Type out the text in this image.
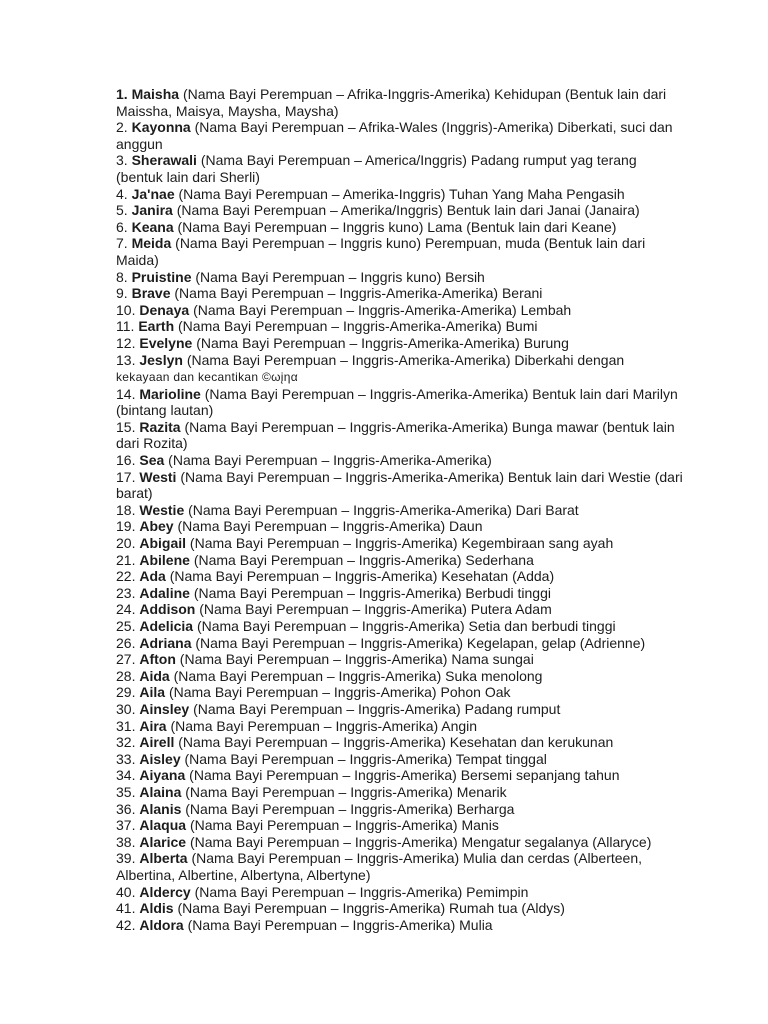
1. Maisha (Nama Bayi Perempuan – Afrika-Inggris-Amerika) Kehidupan (Bentuk lain dari Maissha, Maisya, Maysha, Maysha)

2. Kayonna (Nama Bayi Perempuan – Afrika-Wales (Inggris)-Amerika) Diberkati, suci dan anggun

3. Sherawali (Nama Bayi Perempuan – America/Inggris) Padang rumput yag terang (bentuk lain dari Sherli)

4. Ja'nae (Nama Bayi Perempuan – Amerika-Inggris) Tuhan Yang Maha Pengasih

5. Janira (Nama Bayi Perempuan – Amerika/Inggris) Bentuk lain dari Janai (Janaira)

6. Keana (Nama Bayi Perempuan – Inggris kuno) Lama (Bentuk lain dari Keane)

7. Meida (Nama Bayi Perempuan – Inggris kuno) Perempuan, muda (Bentuk lain dari Maida)

8. Pruistine (Nama Bayi Perempuan – Inggris kuno) Bersih

9. Brave (Nama Bayi Perempuan – Inggris-Amerika-Amerika) Berani

10. Denaya (Nama Bayi Perempuan – Inggris-Amerika-Amerika) Lembah

11. Earth (Nama Bayi Perempuan – Inggris-Amerika-Amerika) Bumi

12. Evelyne (Nama Bayi Perempuan – Inggris-Amerika-Amerika) Burung

13. Jeslyn (Nama Bayi Perempuan – Inggris-Amerika-Amerika) Diberkahi dengan
kekayaan dan kecantikan ©ωįηα

14. Marioline (Nama Bayi Perempuan – Inggris-Amerika-Amerika) Bentuk lain dari Marilyn (bintang lautan)

15. Razita (Nama Bayi Perempuan – Inggris-Amerika-Amerika) Bunga mawar (bentuk lain dari Rozita)

16. Sea (Nama Bayi Perempuan – Inggris-Amerika-Amerika)

17. Westi (Nama Bayi Perempuan – Inggris-Amerika-Amerika) Bentuk lain dari Westie (dari barat)

18. Westie (Nama Bayi Perempuan – Inggris-Amerika-Amerika) Dari Barat

19. Abey (Nama Bayi Perempuan – Inggris-Amerika) Daun

20. Abigail (Nama Bayi Perempuan – Inggris-Amerika) Kegembiraan sang ayah

21. Abilene (Nama Bayi Perempuan – Inggris-Amerika) Sederhana

22. Ada (Nama Bayi Perempuan – Inggris-Amerika) Kesehatan (Adda)

23. Adaline (Nama Bayi Perempuan – Inggris-Amerika) Berbudi tinggi

24. Addison (Nama Bayi Perempuan – Inggris-Amerika) Putera Adam

25. Adelicia (Nama Bayi Perempuan – Inggris-Amerika) Setia dan berbudi tinggi

26. Adriana (Nama Bayi Perempuan – Inggris-Amerika) Kegelapan, gelap (Adrienne)

27. Afton (Nama Bayi Perempuan – Inggris-Amerika) Nama sungai

28. Aida (Nama Bayi Perempuan – Inggris-Amerika) Suka menolong

29. Aila (Nama Bayi Perempuan – Inggris-Amerika) Pohon Oak

30. Ainsley (Nama Bayi Perempuan – Inggris-Amerika) Padang rumput

31. Aira (Nama Bayi Perempuan – Inggris-Amerika) Angin

32. Airell (Nama Bayi Perempuan – Inggris-Amerika) Kesehatan dan kerukunan

33. Aisley (Nama Bayi Perempuan – Inggris-Amerika) Tempat tinggal

34. Aiyana (Nama Bayi Perempuan – Inggris-Amerika) Bersemi sepanjang tahun

35. Alaina (Nama Bayi Perempuan – Inggris-Amerika) Menarik

36. Alanis (Nama Bayi Perempuan – Inggris-Amerika) Berharga

37. Alaqua (Nama Bayi Perempuan – Inggris-Amerika) Manis

38. Alarice (Nama Bayi Perempuan – Inggris-Amerika) Mengatur segalanya (Allaryce)

39. Alberta (Nama Bayi Perempuan – Inggris-Amerika) Mulia dan cerdas (Alberteen, Albertina, Albertine, Albertyna, Albertyne)

40. Aldercy (Nama Bayi Perempuan – Inggris-Amerika) Pemimpin

41. Aldis (Nama Bayi Perempuan – Inggris-Amerika) Rumah tua (Aldys)

42. Aldora (Nama Bayi Perempuan – Inggris-Amerika) Mulia
